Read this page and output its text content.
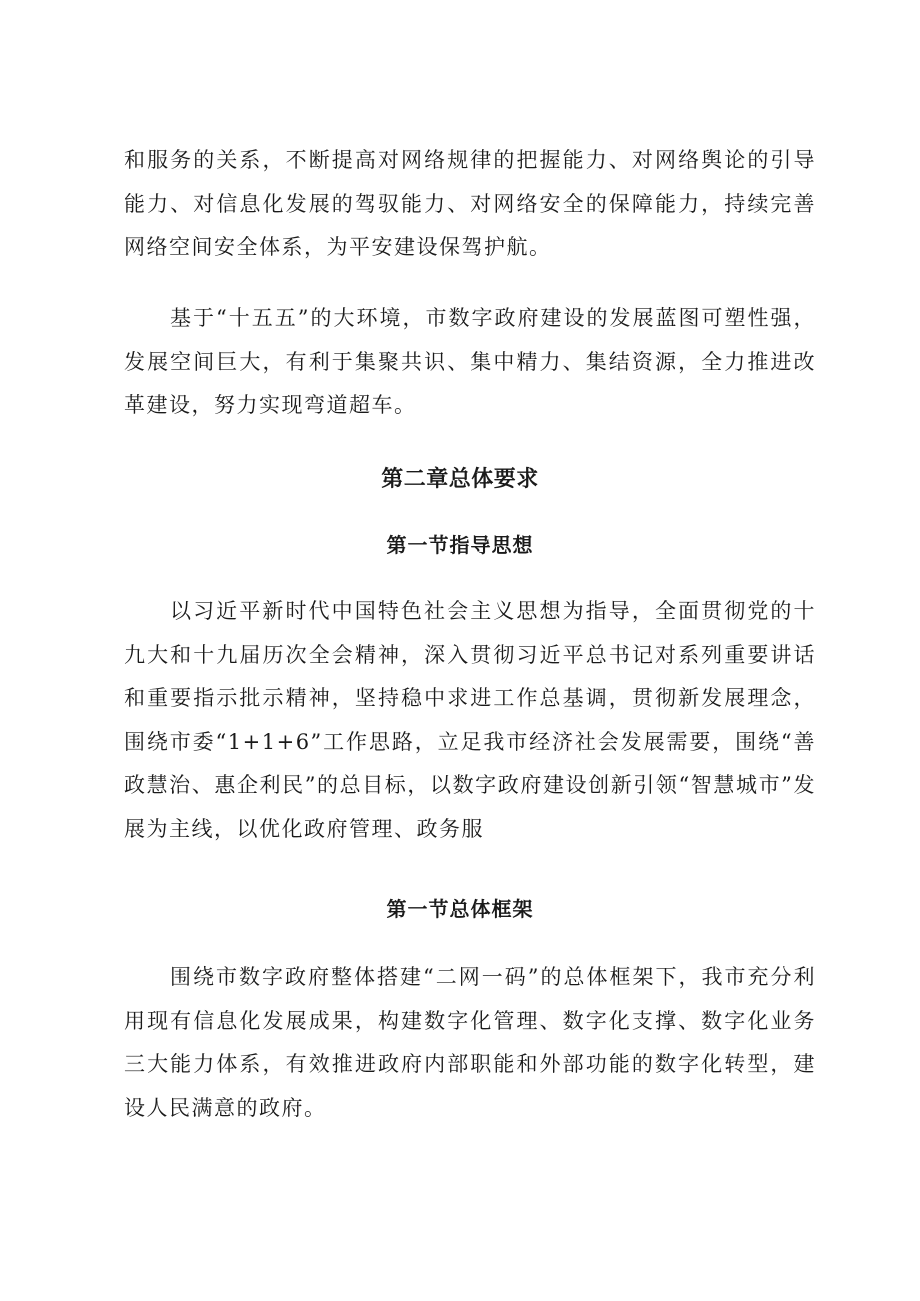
和服务的关系，不断提高对网络规律的把握能力、对网络舆论的引导能力、对信息化发展的驾驭能力、对网络安全的保障能力，持续完善网络空间安全体系，为平安建设保驾护航。

基于“十五五”的大环境，市数字政府建设的发展蓝图可塑性强，发展空间巨大，有利于集聚共识、集中精力、集结资源，全力推进改革建设，努力实现弯道超车。

第二章总体要求
第一节指导思想

以习近平新时代中国特色社会主义思想为指导，全面贯彻党的十九大和十九届历次全会精神，深入贯彻习近平总书记对系列重要讲话和重要指示批示精神，坚持稳中求进工作总基调，贯彻新发展理念，围绕市委“1+1+6”工作思路，立足我市经济社会发展需要，围绕“善政慧治、惠企利民”的总目标，以数字政府建设创新引领“智慧城市”发展为主线，以优化政府管理、政务服

第一节总体框架

围绕市数字政府整体搭建“二网一码”的总体框架下，我市充分利用现有信息化发展成果，构建数字化管理、数字化支撑、数字化业务三大能力体系，有效推进政府内部职能和外部功能的数字化转型，建设人民满意的政府。
